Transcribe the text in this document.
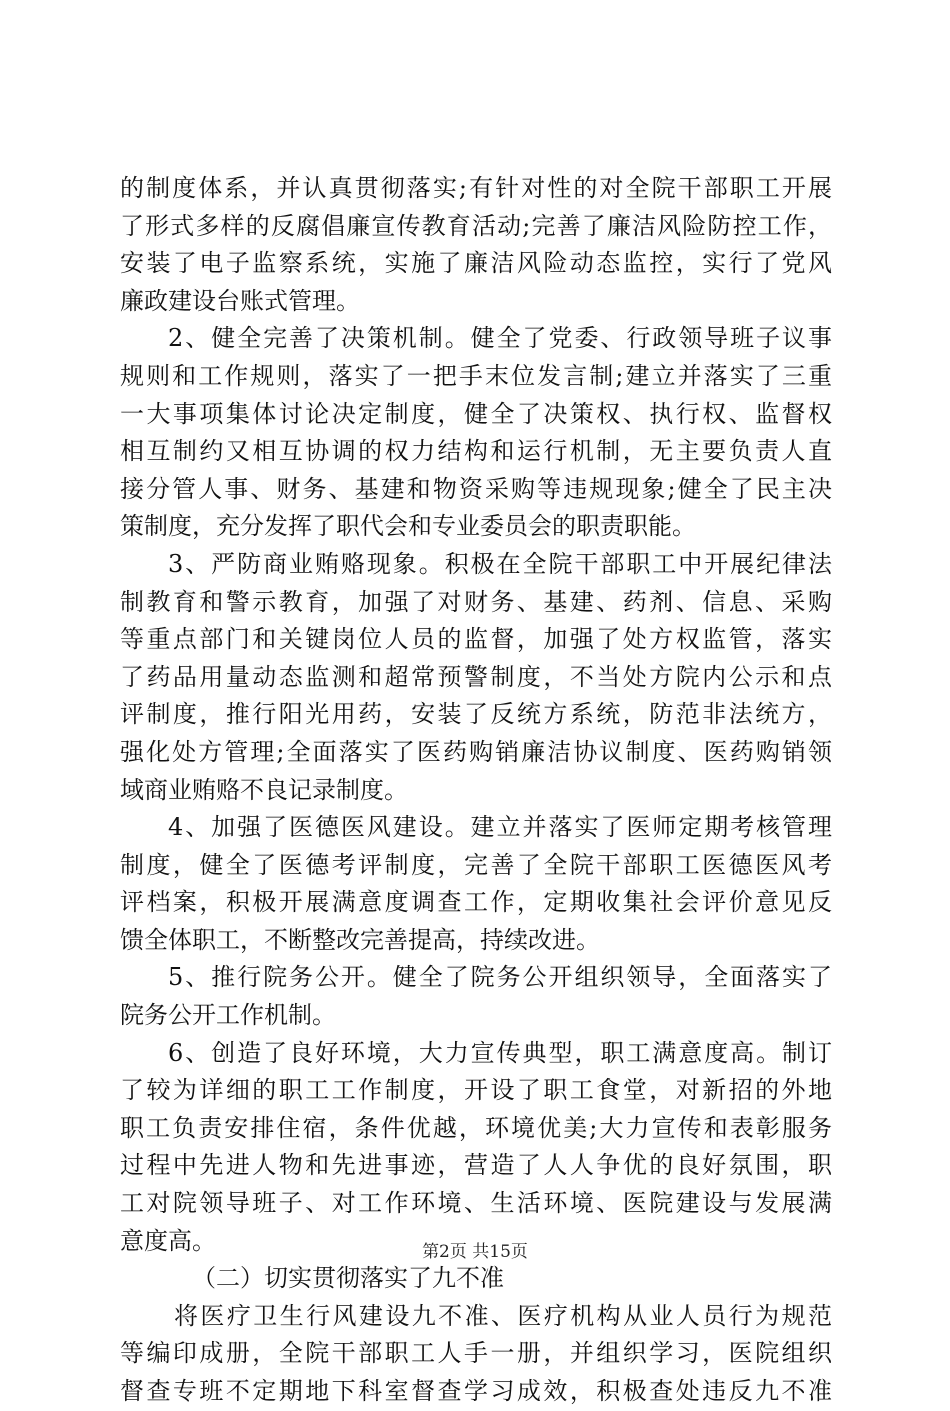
的制度体系，并认真贯彻落实;有针对性的对全院干部职工开展
了形式多样的反腐倡廉宣传教育活动;完善了廉洁风险防控工作，
安装了电子监察系统，实施了廉洁风险动态监控，实行了党风
廉政建设台账式管理。
2、健全完善了决策机制。健全了党委、行政领导班子议事
规则和工作规则，落实了一把手末位发言制;建立并落实了三重
一大事项集体讨论决定制度，健全了决策权、执行权、监督权
相互制约又相互协调的权力结构和运行机制，无主要负责人直
接分管人事、财务、基建和物资采购等违规现象;健全了民主决
策制度，充分发挥了职代会和专业委员会的职责职能。
3、严防商业贿赂现象。积极在全院干部职工中开展纪律法
制教育和警示教育，加强了对财务、基建、药剂、信息、采购
等重点部门和关键岗位人员的监督，加强了处方权监管，落实
了药品用量动态监测和超常预警制度，不当处方院内公示和点
评制度，推行阳光用药，安装了反统方系统，防范非法统方，
强化处方管理;全面落实了医药购销廉洁协议制度、医药购销领
域商业贿赂不良记录制度。
4、加强了医德医风建设。建立并落实了医师定期考核管理
制度，健全了医德考评制度，完善了全院干部职工医德医风考
评档案，积极开展满意度调查工作，定期收集社会评价意见反
馈全体职工，不断整改完善提高，持续改进。
5、推行院务公开。健全了院务公开组织领导，全面落实了
院务公开工作机制。
6、创造了良好环境，大力宣传典型，职工满意度高。制订
了较为详细的职工工作制度，开设了职工食堂，对新招的外地
职工负责安排住宿，条件优越，环境优美;大力宣传和表彰服务
过程中先进人物和先进事迹，营造了人人争优的良好氛围，职
工对院领导班子、对工作环境、生活环境、医院建设与发展满
意度高。
（二）切实贯彻落实了九不准
将医疗卫生行风建设九不准、医疗机构从业人员行为规范
等编印成册，全院干部职工人手一册，并组织学习，医院组织
督查专班不定期地下科室督查学习成效，积极查处违反九不准
第2页 共15页
